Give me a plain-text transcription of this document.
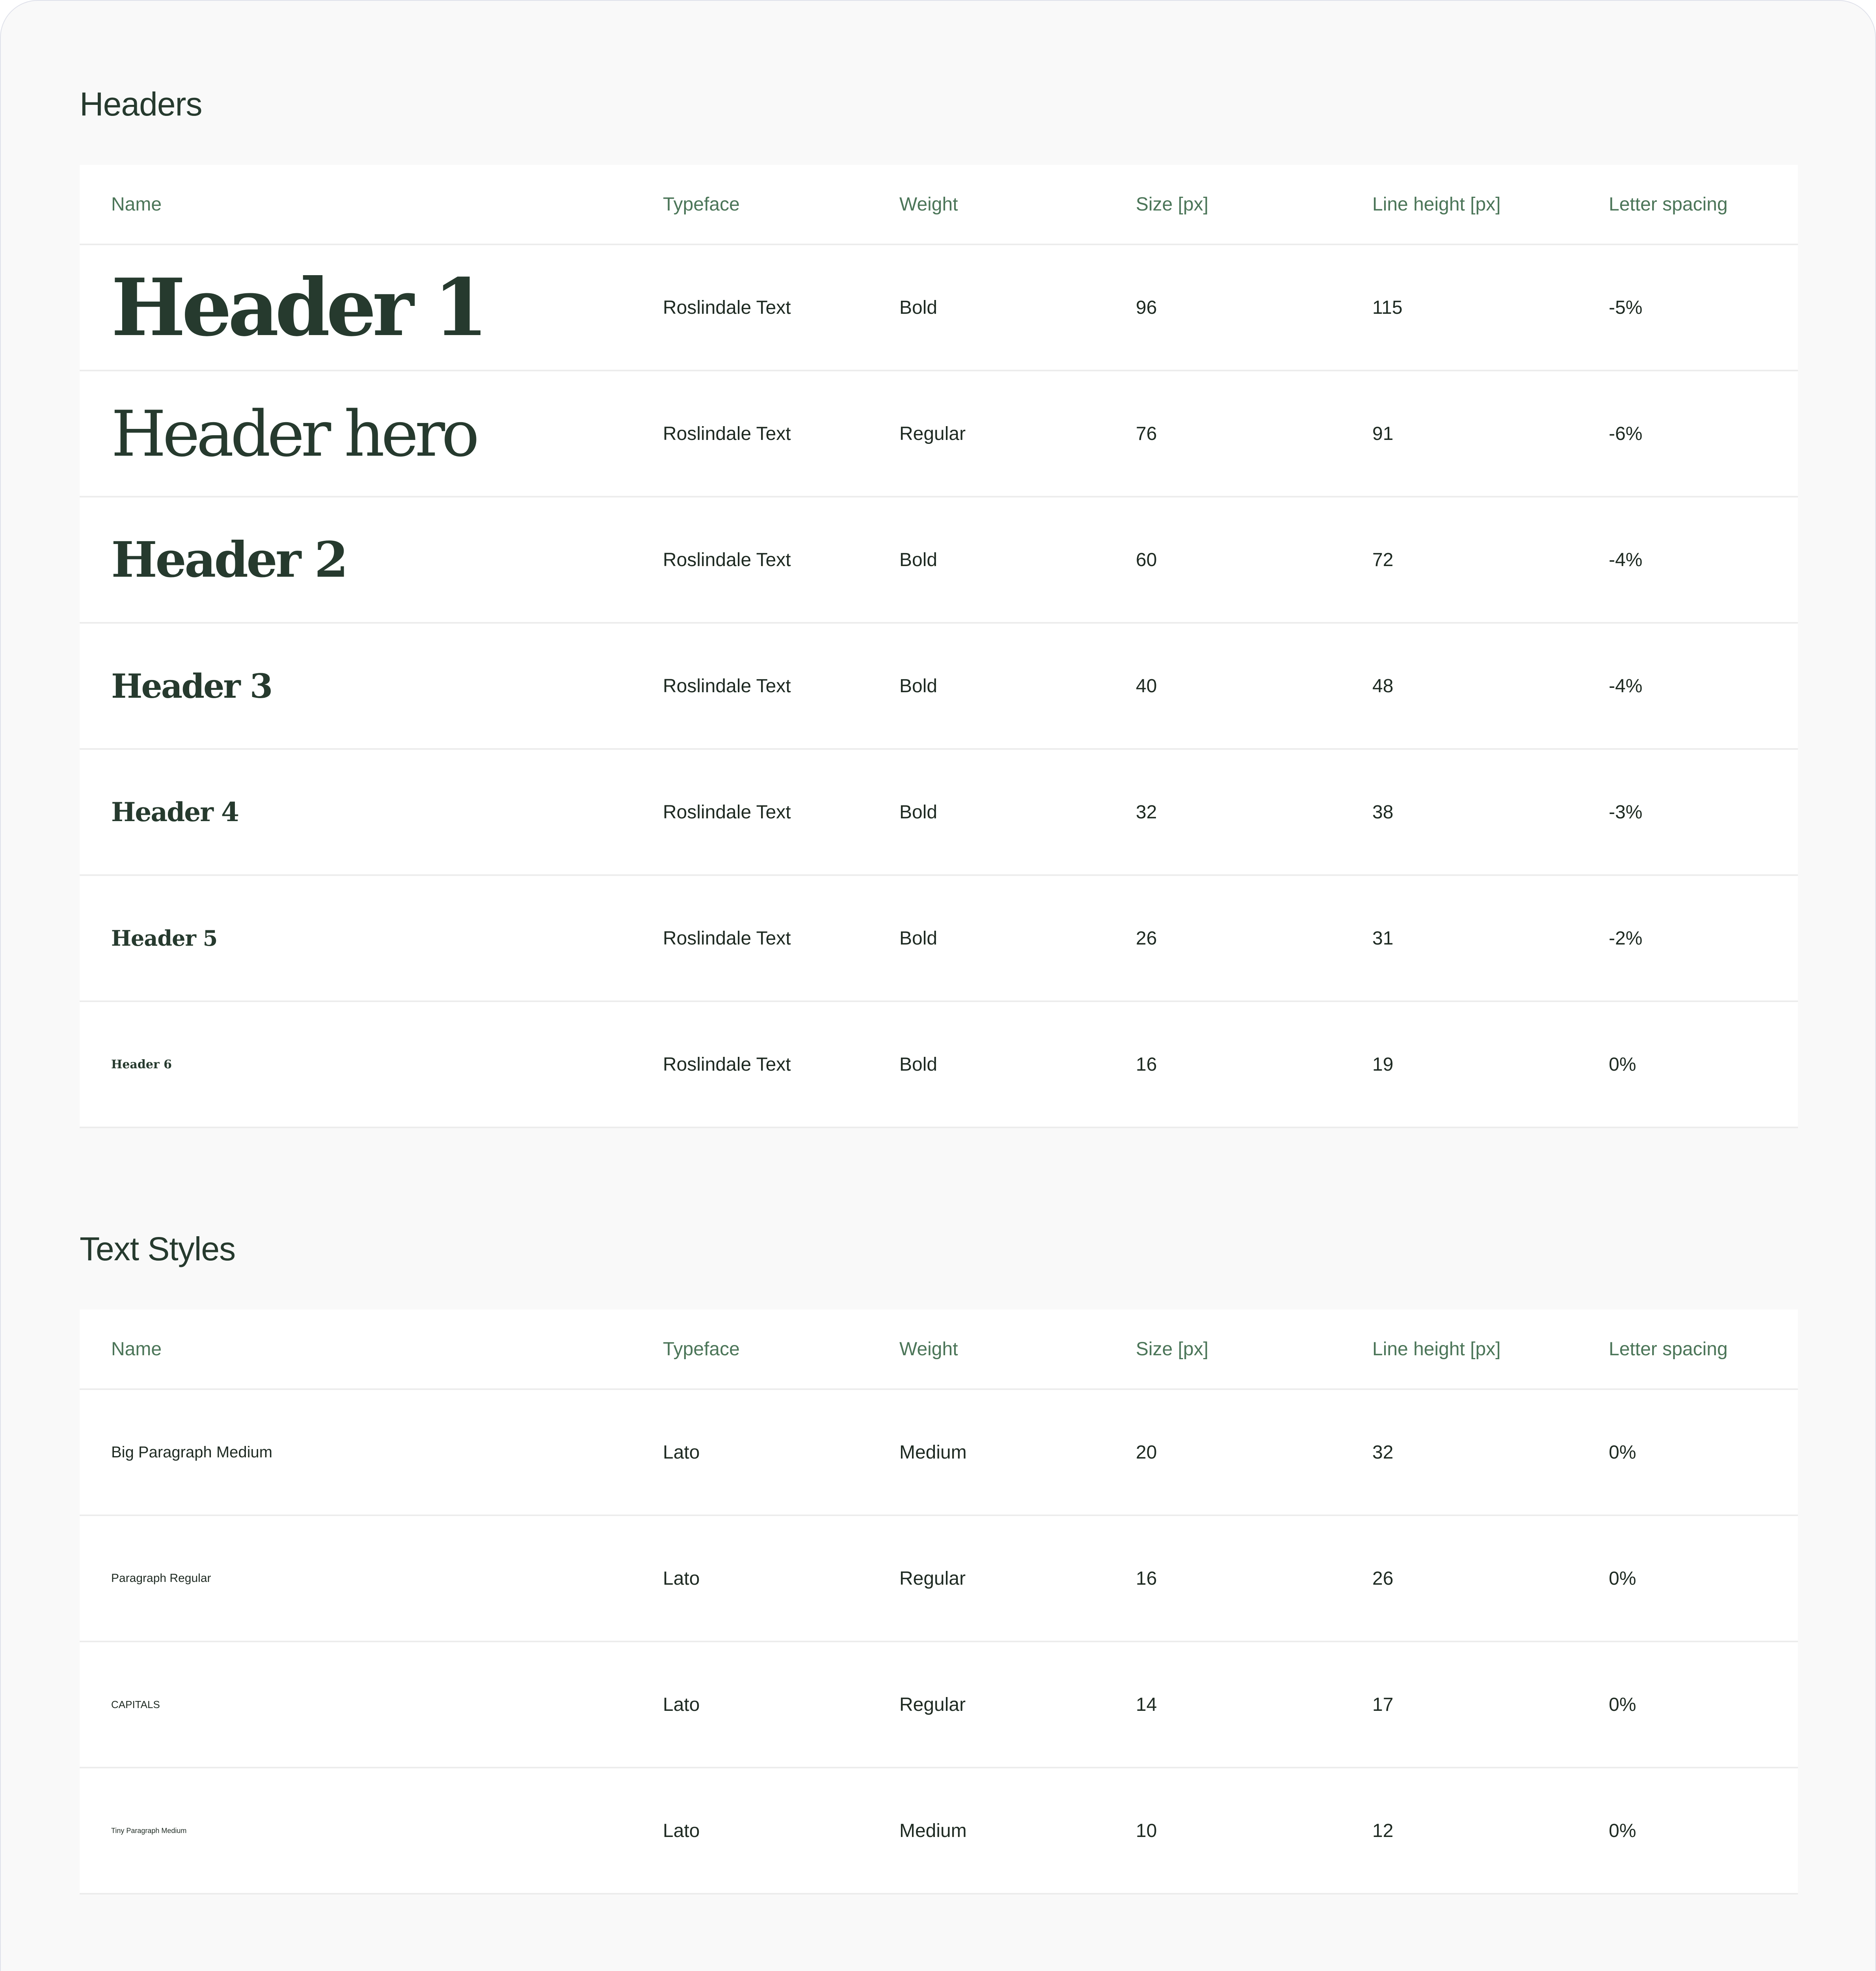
Headers
Name	Typeface	Weight	Size [px]	Line height [px]	Letter spacing
Header 1	Roslindale Text	Bold	96	115	-5%
Header hero	Roslindale Text	Regular	76	91	-6%
Header 2	Roslindale Text	Bold	60	72	-4%
Header 3	Roslindale Text	Bold	40	48	-4%
Header 4	Roslindale Text	Bold	32	38	-3%
Header 5	Roslindale Text	Bold	26	31	-2%
Header 6	Roslindale Text	Bold	16	19	0%
Text Styles
Name	Typeface	Weight	Size [px]	Line height [px]	Letter spacing
Big Paragraph Medium	Lato	Medium	20	32	0%
Paragraph Regular	Lato	Regular	16	26	0%
CAPITALS	Lato	Regular	14	17	0%
Tiny Paragraph Medium	Lato	Medium	10	12	0%
